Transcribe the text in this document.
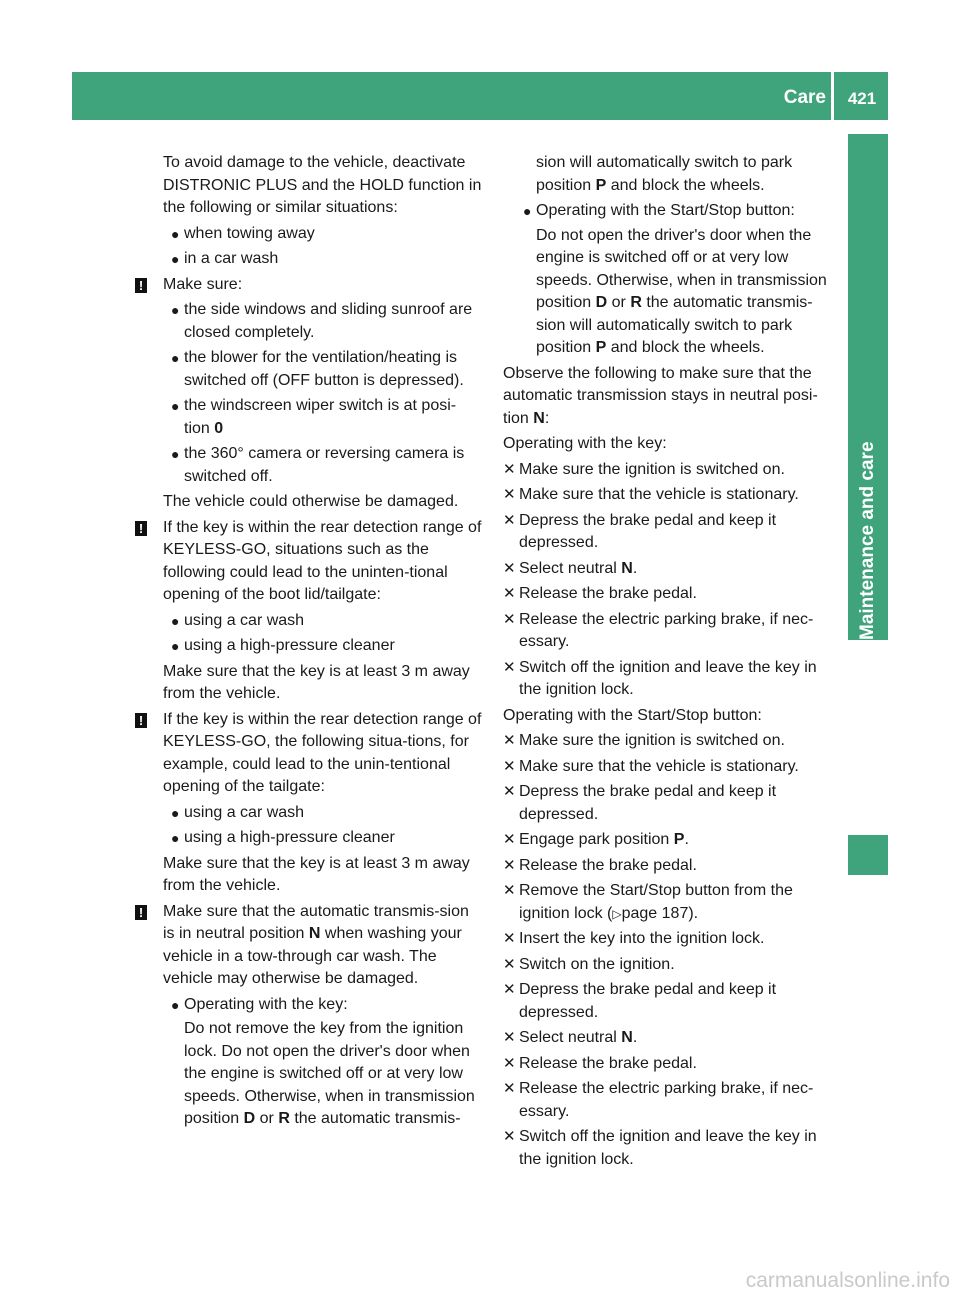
Care	421
Maintenance and care

To avoid damage to the vehicle, deactivate DISTRONIC PLUS and the HOLD function in the following or similar situations:

● when towing away
● in a car wash
! Make sure:
● the side windows and sliding sunroof are closed completely.
● the blower for the ventilation/heating is switched off (OFF button is depressed).
● the windscreen wiper switch is at posi- tion 0
● the 360° camera or reversing camera is switched off.

The vehicle could otherwise be damaged.

! If the key is within the rear detection range of KEYLESS-GO, situations such as the following could lead to the uninten-tional opening of the boot lid/tailgate:
● using a car wash
● using a high-pressure cleaner

Make sure that the key is at least 3 m away from the vehicle.

! If the key is within the rear detection range of KEYLESS-GO, the following situa-tions, for example, could lead to the unin-tentional opening of the tailgate:
● using a car wash
● using a high-pressure cleaner

Make sure that the key is at least 3 m away from the vehicle.

! Make sure that the automatic transmis-sion is in neutral position N when washing your vehicle in a tow-through car wash. The vehicle may otherwise be damaged.
● Operating with the key:
Do not remove the key from the ignition lock. Do not open the driver's door when the engine is switched off or at very low speeds. Otherwise, when in transmission position D or R the automatic transmis-
sion will automatically switch to park position P and block the wheels.
● Operating with the Start/Stop button:
Do not open the driver's door when the engine is switched off or at very low speeds. Otherwise, when in transmission position D or R the automatic transmis-sion will automatically switch to park position P and block the wheels.

Observe the following to make sure that the automatic transmission stays in neutral posi-tion N:

Operating with the key:

✕ Make sure the ignition is switched on.
✕ Make sure that the vehicle is stationary.
✕ Depress the brake pedal and keep it depressed.
✕ Select neutral N.
✕ Release the brake pedal.
✕ Release the electric parking brake, if nec-essary.
✕ Switch off the ignition and leave the key in the ignition lock.

Operating with the Start/Stop button:

✕ Make sure the ignition is switched on.
✕ Make sure that the vehicle is stationary.
✕ Depress the brake pedal and keep it depressed.
✕ Engage park position P.
✕ Release the brake pedal.
✕ Remove the Start/Stop button from the ignition lock (▷page 187).
✕ Insert the key into the ignition lock.
✕ Switch on the ignition.
✕ Depress the brake pedal and keep it depressed.
✕ Select neutral N.
✕ Release the brake pedal.
✕ Release the electric parking brake, if nec-essary.
✕ Switch off the ignition and leave the key in the ignition lock.
carmanualsonline.info
